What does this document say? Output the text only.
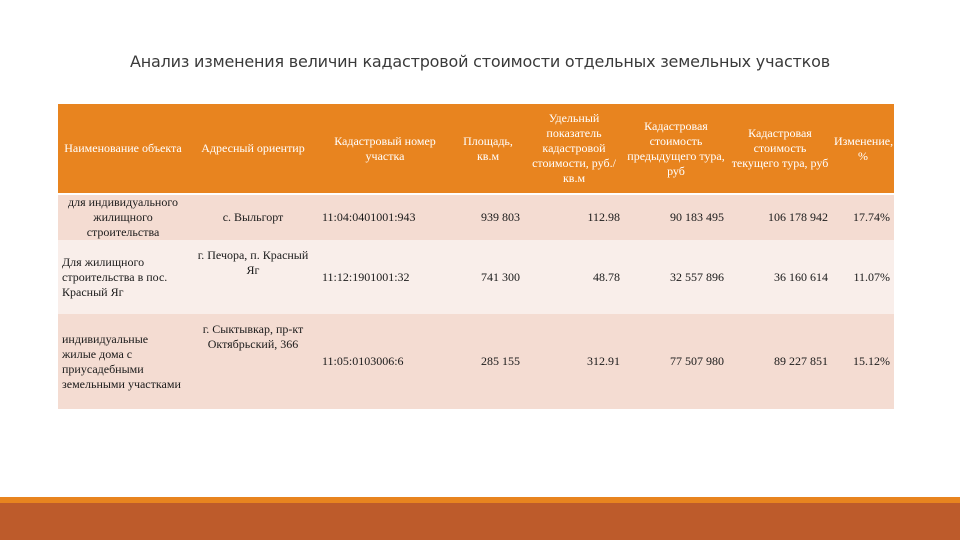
Анализ изменения величин кадастровой стоимости отдельных земельных участков
Наименование объекта	Адресный ориентир	Кадастровый номер участка	Площадь, кв.м	Удельный показатель кадастровой стоимости, руб./кв.м	Кадастровая стоимость предыдущего тура, руб	Кадастровая стоимость текущего тура, руб	Изменение, %
для индивидуального жилищного строительства	с. Выльгорт	11:04:0401001:943	939 803	112.98	90 183 495	106 178 942	17.74%
Для жилищного строительства в пос. Красный Яг	г. Печора, п. Красный Яг	11:12:1901001:32	741 300	48.78	32 557 896	36 160 614	11.07%
индивидуальные жилые дома с приусадебными земельными участками	г. Сыктывкар, пр-кт Октябрьский, 366	11:05:0103006:6	285 155	312.91	77 507 980	89 227 851	15.12%
